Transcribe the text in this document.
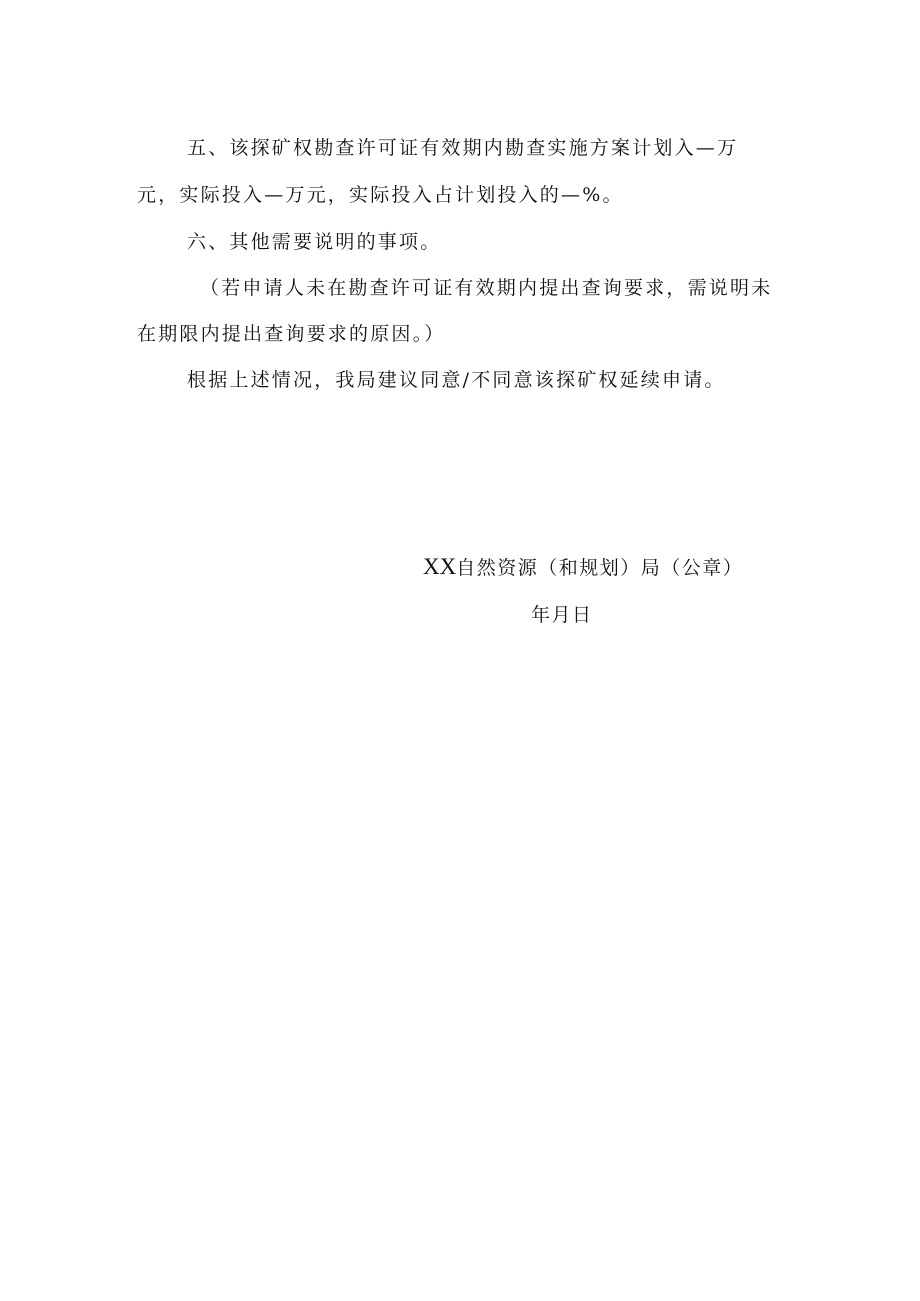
五、该探矿权勘查许可证有效期内勘查实施方案计划入—万
元，实际投入—万元，实际投入占计划投入的—%。
六、其他需要说明的事项。
（若申请人未在勘查许可证有效期内提出查询要求，需说明未
在期限内提出查询要求的原因。）
根据上述情况，我局建议同意/不同意该探矿权延续申请。
XX自然资源（和规划）局（公章）
年月日
